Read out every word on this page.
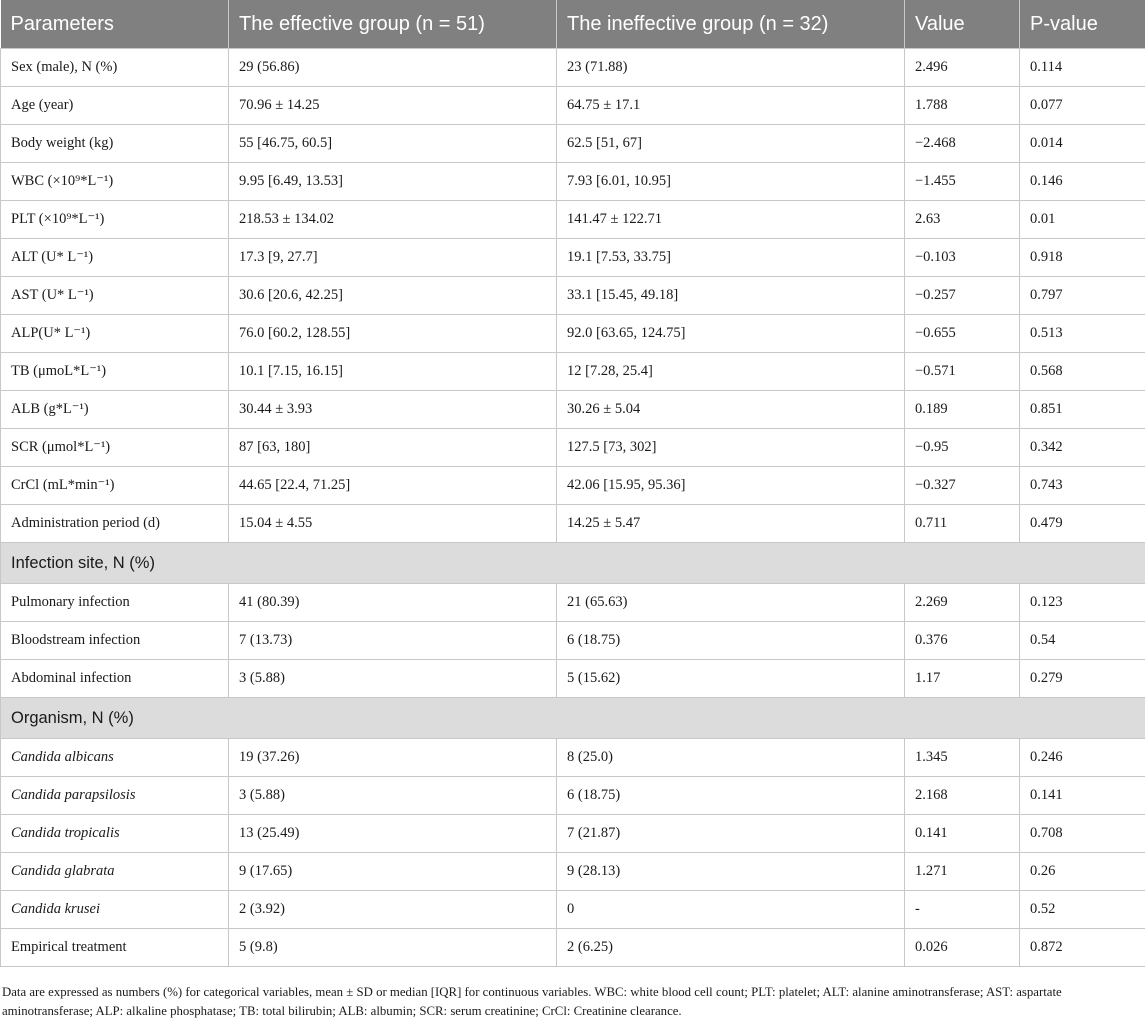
Parameters	The effective group (n = 51)	The ineffective group (n = 32)	Value	P-value
Sex (male), N (%)	29 (56.86)	23 (71.88)	2.496	0.114
Age (year)	70.96 ± 14.25	64.75 ± 17.1	1.788	0.077
Body weight (kg)	55 [46.75, 60.5]	62.5 [51, 67]	−2.468	0.014
WBC (×10⁹*L⁻¹)	9.95 [6.49, 13.53]	7.93 [6.01, 10.95]	−1.455	0.146
PLT (×10⁹*L⁻¹)	218.53 ± 134.02	141.47 ± 122.71	2.63	0.01
ALT (U* L⁻¹)	17.3 [9, 27.7]	19.1 [7.53, 33.75]	−0.103	0.918
AST (U* L⁻¹)	30.6 [20.6, 42.25]	33.1 [15.45, 49.18]	−0.257	0.797
ALP(U* L⁻¹)	76.0 [60.2, 128.55]	92.0 [63.65, 124.75]	−0.655	0.513
TB (μmoL*L⁻¹)	10.1 [7.15, 16.15]	12 [7.28, 25.4]	−0.571	0.568
ALB (g*L⁻¹)	30.44 ± 3.93	30.26 ± 5.04	0.189	0.851
SCR (μmol*L⁻¹)	87 [63, 180]	127.5 [73, 302]	−0.95	0.342
CrCl (mL*min⁻¹)	44.65 [22.4, 71.25]	42.06 [15.95, 95.36]	−0.327	0.743
Administration period (d)	15.04 ± 4.55	14.25 ± 5.47	0.711	0.479
Infection site, N (%)				
Pulmonary infection	41 (80.39)	21 (65.63)	2.269	0.123
Bloodstream infection	7 (13.73)	6 (18.75)	0.376	0.54
Abdominal infection	3 (5.88)	5 (15.62)	1.17	0.279
Organism, N (%)				
Candida albicans	19 (37.26)	8 (25.0)	1.345	0.246
Candida parapsilosis	3 (5.88)	6 (18.75)	2.168	0.141
Candida tropicalis	13 (25.49)	7 (21.87)	0.141	0.708
Candida glabrata	9 (17.65)	9 (28.13)	1.271	0.26
Candida krusei	2 (3.92)	0	-	0.52
Empirical treatment	5 (9.8)	2 (6.25)	0.026	0.872
Data are expressed as numbers (%) for categorical variables, mean ± SD or median [IQR] for continuous variables. WBC: white blood cell count; PLT: platelet; ALT: alanine aminotransferase; AST: aspartate aminotransferase; ALP: alkaline phosphatase; TB: total bilirubin; ALB: albumin; SCR: serum creatinine; CrCl: Creatinine clearance.
